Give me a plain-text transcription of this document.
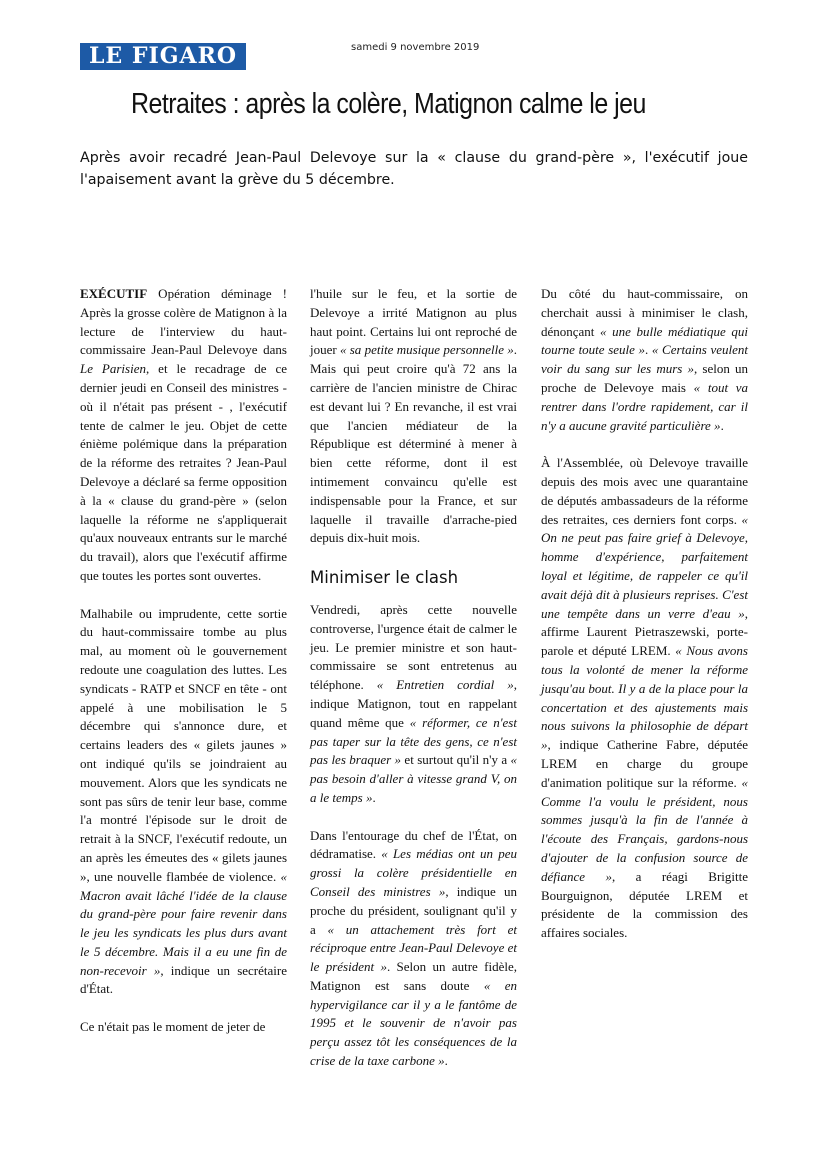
LE FIGARO	samedi 9 novembre 2019
Retraites : après la colère, Matignon calme le jeu

Après avoir recadré Jean-Paul Delevoye sur la « clause du grand-père », l'exécutif joue l'apaisement avant la grève du 5 décembre.

EXÉCUTIF Opération déminage ! Après la grosse colère de Matignon à la lecture de l'interview du haut-commissaire Jean-Paul Delevoye dans Le Parisien, et le recadrage de ce dernier jeudi en Conseil des ministres - où il n'était pas présent - , l'exécutif tente de calmer le jeu. Objet de cette énième polémique dans la préparation de la réforme des retraites ? Jean-Paul Delevoye a déclaré sa ferme opposition à la « clause du grand-père » (selon laquelle la réforme ne s'appliquerait qu'aux nouveaux entrants sur le marché du travail), alors que l'exécutif affirme que toutes les portes sont ouvertes.

Malhabile ou imprudente, cette sortie du haut-commissaire tombe au plus mal, au moment où le gouvernement redoute une coagulation des luttes. Les syndicats - RATP et SNCF en tête - ont appelé à une mobilisation le 5 décembre qui s'annonce dure, et certains leaders des « gilets jaunes » ont indiqué qu'ils se joindraient au mouvement. Alors que les syndicats ne sont pas sûrs de tenir leur base, comme l'a montré l'épisode sur le droit de retrait à la SNCF, l'exécutif redoute, un an après les émeutes des « gilets jaunes », une nouvelle flambée de violence. « Macron avait lâché l'idée de la clause du grand-père pour faire revenir dans le jeu les syndicats les plus durs avant le 5 décembre. Mais il a eu une fin de non-recevoir », indique un secrétaire d'État.

Ce n'était pas le moment de jeter de

l'huile sur le feu, et la sortie de Delevoye a irrité Matignon au plus haut point. Certains lui ont reproché de jouer « sa petite musique personnelle ». Mais qui peut croire qu'à 72 ans la carrière de l'ancien ministre de Chirac est devant lui ? En revanche, il est vrai que l'ancien médiateur de la République est déterminé à mener à bien cette réforme, dont il est intimement convaincu qu'elle est indispensable pour la France, et sur laquelle il travaille d'arrache-pied depuis dix-huit mois.

Minimiser le clash

Vendredi, après cette nouvelle controverse, l'urgence était de calmer le jeu. Le premier ministre et son haut-commissaire se sont entretenus au téléphone. « Entretien cordial », indique Matignon, tout en rappelant quand même que « réformer, ce n'est pas taper sur la tête des gens, ce n'est pas les braquer » et surtout qu'il n'y a « pas besoin d'aller à vitesse grand V, on a le temps ».

Dans l'entourage du chef de l'État, on dédramatise. « Les médias ont un peu grossi la colère présidentielle en Conseil des ministres », indique un proche du président, soulignant qu'il y a « un attachement très fort et réciproque entre Jean-Paul Delevoye et le président ». Selon un autre fidèle, Matignon est sans doute « en hypervigilance car il y a le fantôme de 1995 et le souvenir de n'avoir pas perçu assez tôt les conséquences de la crise de la taxe carbone ».

Du côté du haut-commissaire, on cherchait aussi à minimiser le clash, dénonçant « une bulle médiatique qui tourne toute seule ». « Certains veulent voir du sang sur les murs », selon un proche de Delevoye mais « tout va rentrer dans l'ordre rapidement, car il n'y a aucune gravité particulière ».

À l'Assemblée, où Delevoye travaille depuis des mois avec une quarantaine de députés ambassadeurs de la réforme des retraites, ces derniers font corps. « On ne peut pas faire grief à Delevoye, homme d'expérience, parfaitement loyal et légitime, de rappeler ce qu'il avait déjà dit à plusieurs reprises. C'est une tempête dans un verre d'eau », affirme Laurent Pietraszewski, porte-parole et député LREM. « Nous avons tous la volonté de mener la réforme jusqu'au bout. Il y a de la place pour la concertation et des ajustements mais nous suivons la philosophie de départ », indique Catherine Fabre, députée LREM en charge du groupe d'animation politique sur la réforme. « Comme l'a voulu le président, nous sommes jusqu'à la fin de l'année à l'écoute des Français, gardons-nous d'ajouter de la confusion source de défiance », a réagi Brigitte Bourguignon, députée LREM et présidente de la commission des affaires sociales.
